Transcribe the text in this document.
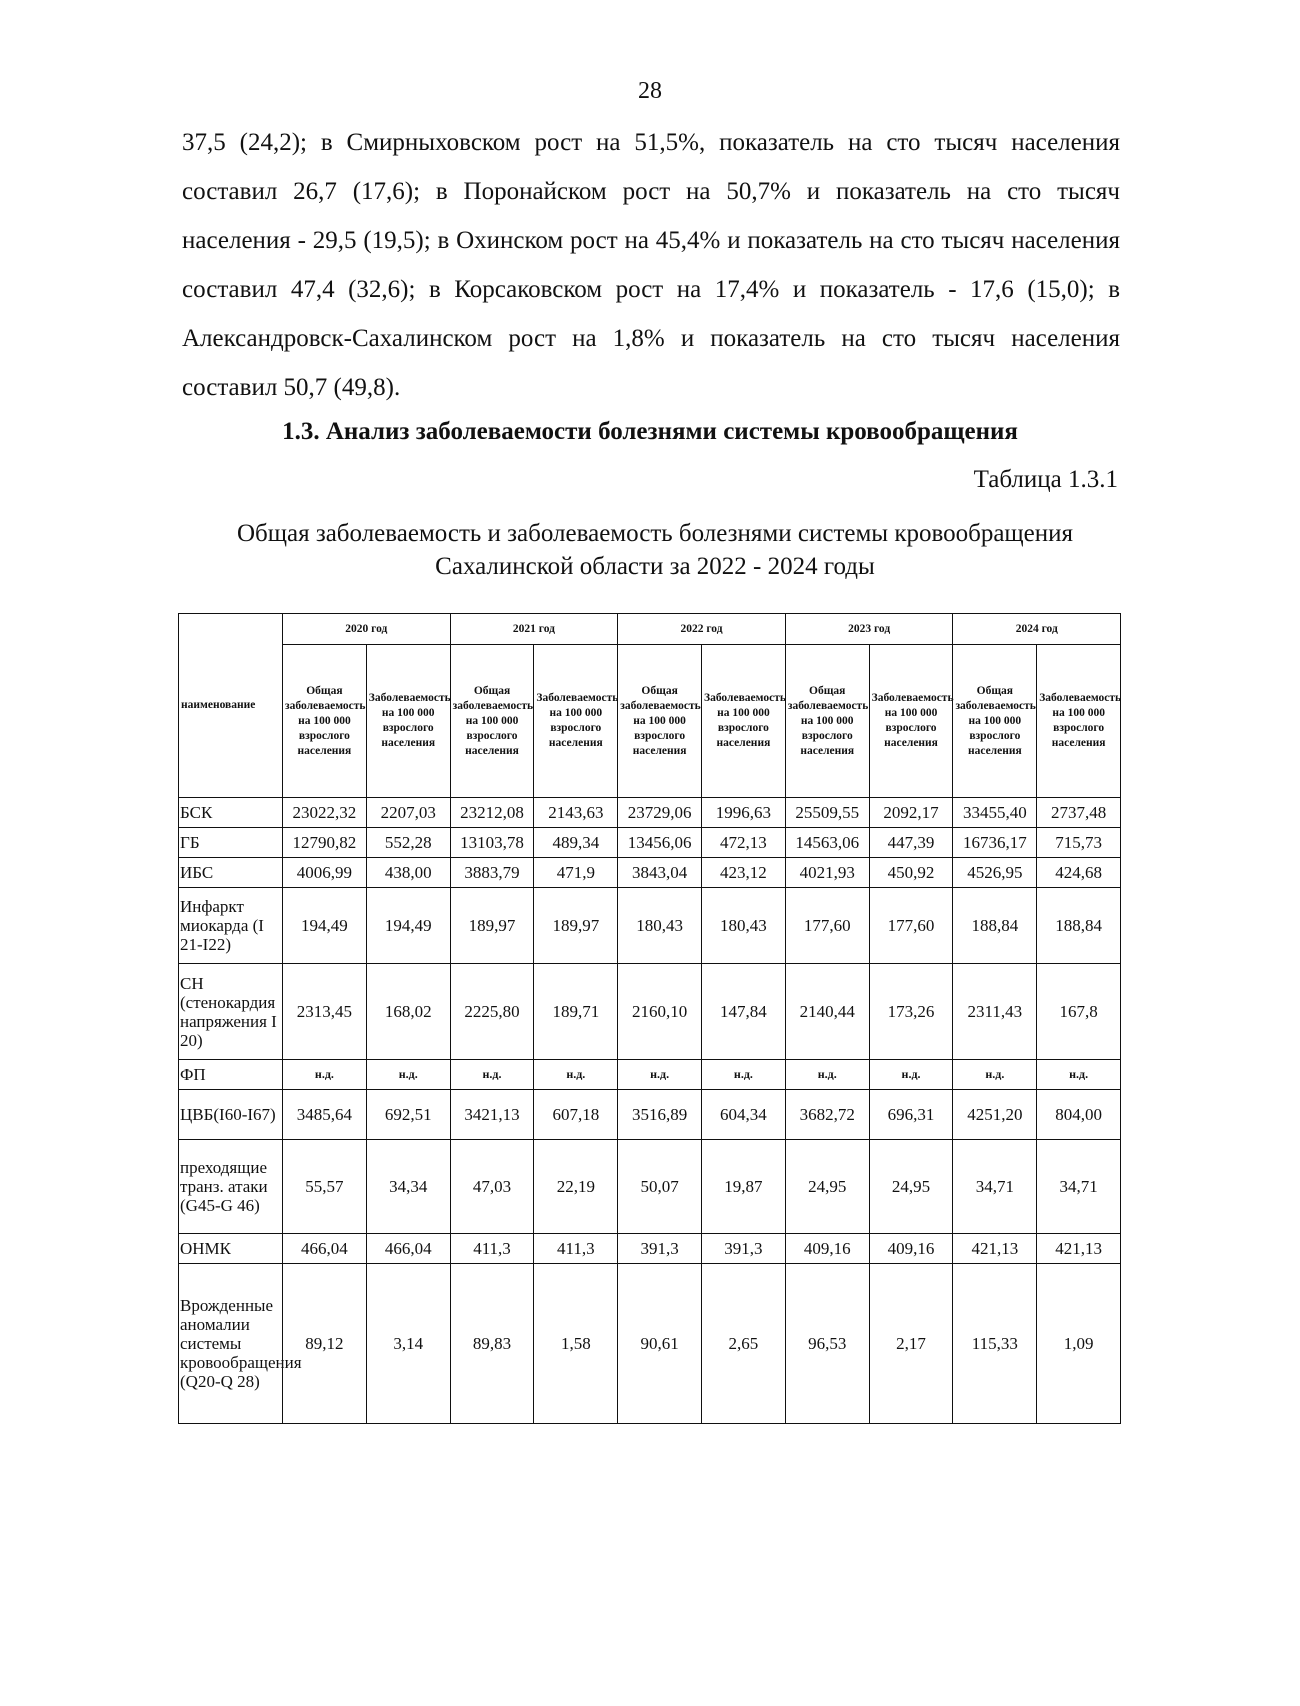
28

37,5 (24,2); в Смирныховском рост на 51,5%, показатель на сто тысяч населения составил 26,7 (17,6); в Поронайском рост на 50,7% и показатель на сто тысяч населения - 29,5 (19,5); в Охинском рост на 45,4% и показатель на сто тысяч населения составил 47,4 (32,6); в Корсаковском рост на 17,4% и показатель - 17,6 (15,0); в Александровск-Сахалинском рост на 1,8% и показатель на сто тысяч населения составил 50,7 (49,8).

1.3. Анализ заболеваемости болезнями системы кровообращения
Таблица 1.3.1
Общая заболеваемость и заболеваемость болезнями системы кровообращения Сахалинской области за 2022 - 2024 годы
наименование	2020 год		2021 год		2022 год		2023 год		2024 год	
	Общая заболеваемость на 100 000 взрослого населения	Заболеваемость на 100 000 взрослого населения	Общая заболеваемость на 100 000 взрослого населения	Заболеваемость на 100 000 взрослого населения	Общая заболеваемость на 100 000 взрослого населения	Заболеваемость на 100 000 взрослого населения	Общая заболеваемость на 100 000 взрослого населения	Заболеваемость на 100 000 взрослого населения	Общая заболеваемость на 100 000 взрослого населения	Заболеваемость на 100 000 взрослого населения
БСК	23022,32	2207,03	23212,08	2143,63	23729,06	1996,63	25509,55	2092,17	33455,40	2737,48
ГБ	12790,82	552,28	13103,78	489,34	13456,06	472,13	14563,06	447,39	16736,17	715,73
ИБС	4006,99	438,00	3883,79	471,9	3843,04	423,12	4021,93	450,92	4526,95	424,68
Инфаркт миокарда (I 21-I22)	194,49	194,49	189,97	189,97	180,43	180,43	177,60	177,60	188,84	188,84
СН (стенокардия напряжения I 20)	2313,45	168,02	2225,80	189,71	2160,10	147,84	2140,44	173,26	2311,43	167,8
ФП	н.д.	н.д.	н.д.	н.д.	н.д.	н.д.	н.д.	н.д.	н.д.	н.д.
ЦВБ(I60-I67)	3485,64	692,51	3421,13	607,18	3516,89	604,34	3682,72	696,31	4251,20	804,00
преходящие транз. атаки (G45-G 46)	55,57	34,34	47,03	22,19	50,07	19,87	24,95	24,95	34,71	34,71
ОНМК	466,04	466,04	411,3	411,3	391,3	391,3	409,16	409,16	421,13	421,13
Врожденные аномалии системы кровообращения (Q20-Q 28)	89,12	3,14	89,83	1,58	90,61	2,65	96,53	2,17	115,33	1,09
